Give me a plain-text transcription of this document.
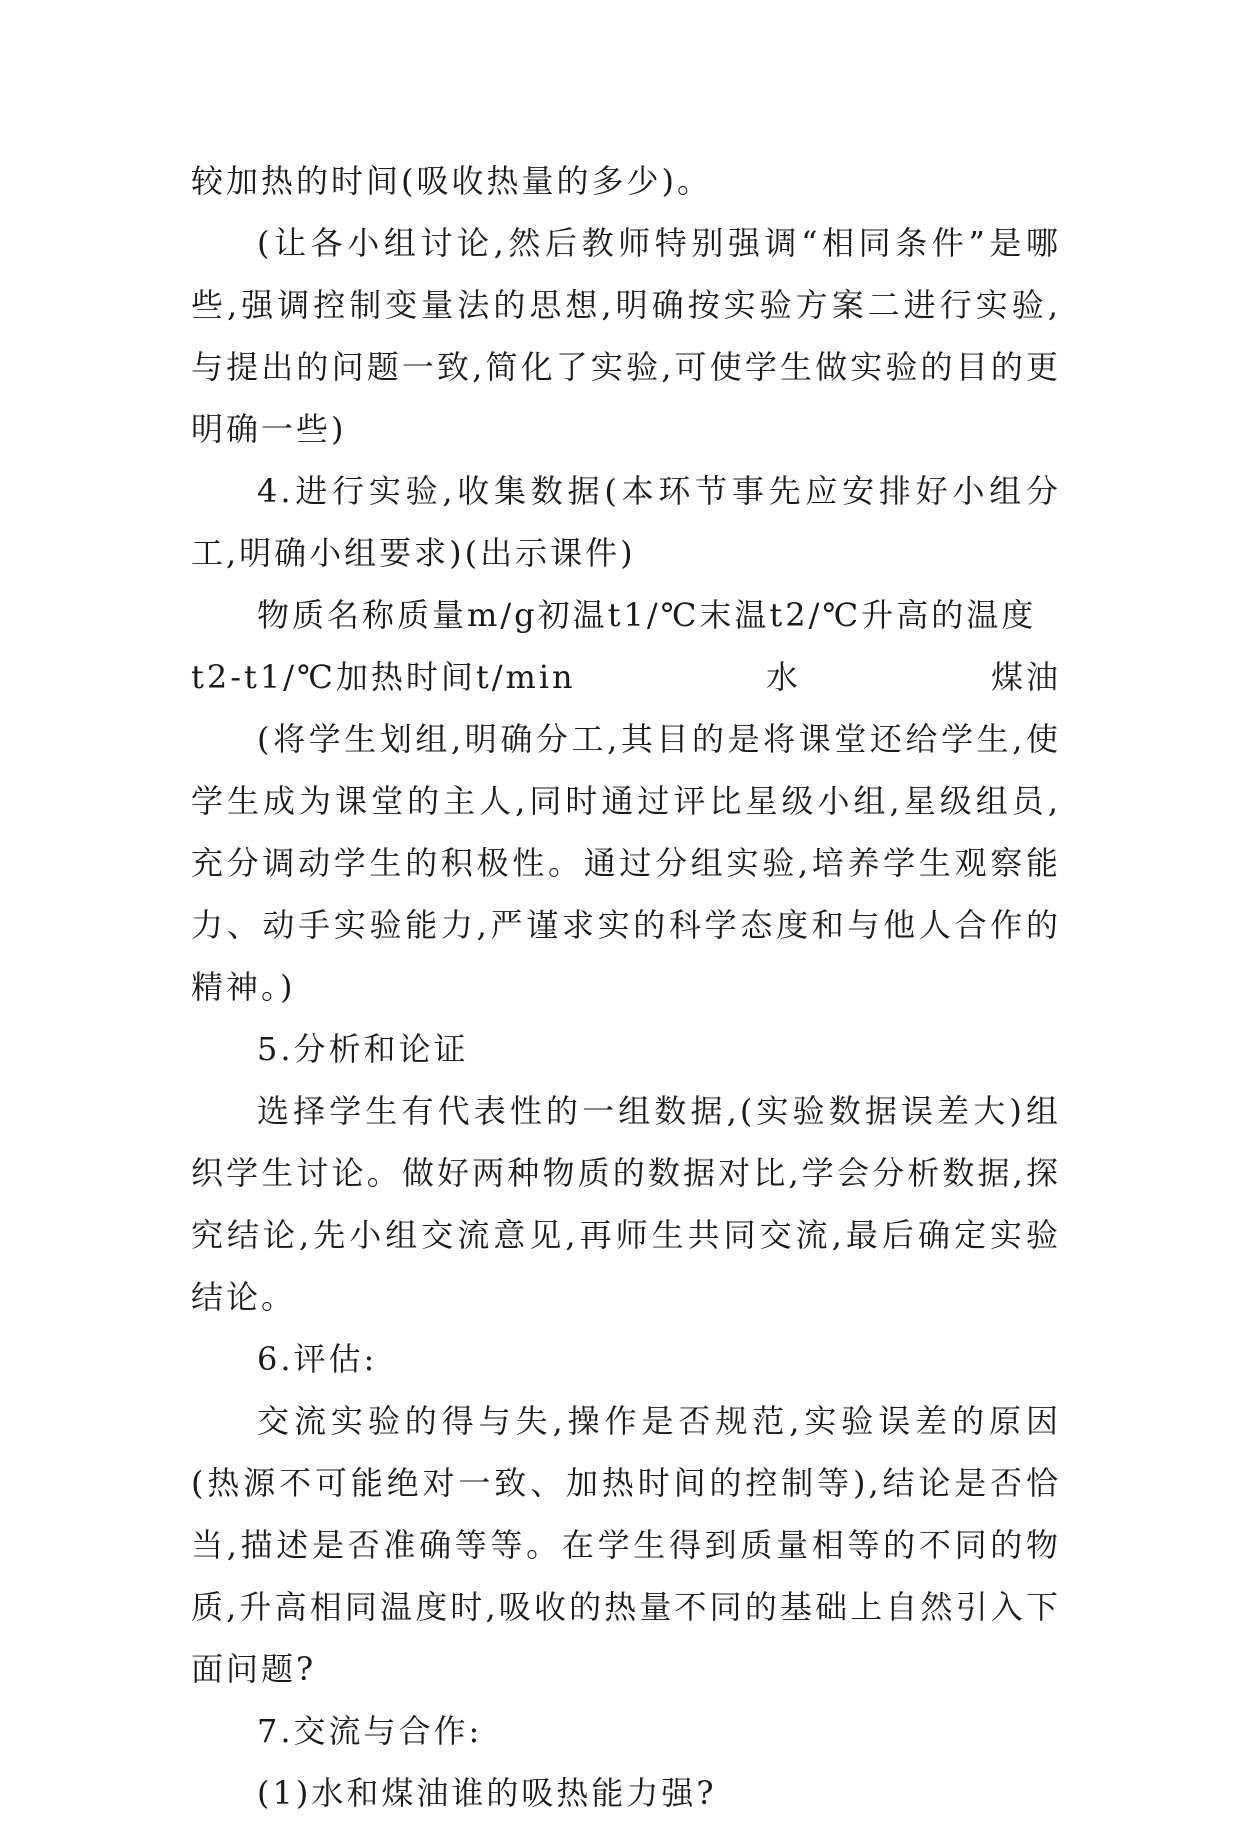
较加热的时间(吸收热量的多少)。

(让各小组讨论,然后教师特别强调“相同条件”是哪些,强调控制变量法的思想,明确按实验方案二进行实验,与提出的问题一致,简化了实验,可使学生做实验的目的更明确一些)

4.进行实验,收集数据(本环节事先应安排好小组分工,明确小组要求)(出示课件)

物质名称质量m/g初温t1/℃末温t2/℃升高的温度

t2-t1/℃加热时间t/min	水	煤油

(将学生划组,明确分工,其目的是将课堂还给学生,使学生成为课堂的主人,同时通过评比星级小组,星级组员,充分调动学生的积极性。通过分组实验,培养学生观察能力、动手实验能力,严谨求实的科学态度和与他人合作的精神。)

5.分析和论证

选择学生有代表性的一组数据,(实验数据误差大)组织学生讨论。做好两种物质的数据对比,学会分析数据,探究结论,先小组交流意见,再师生共同交流,最后确定实验结论。

6.评估:

交流实验的得与失,操作是否规范,实验误差的原因(热源不可能绝对一致、加热时间的控制等),结论是否恰当,描述是否准确等等。在学生得到质量相等的不同的物质,升高相同温度时,吸收的热量不同的基础上自然引入下面问题?

7.交流与合作:

(1)水和煤油谁的吸热能力强?
